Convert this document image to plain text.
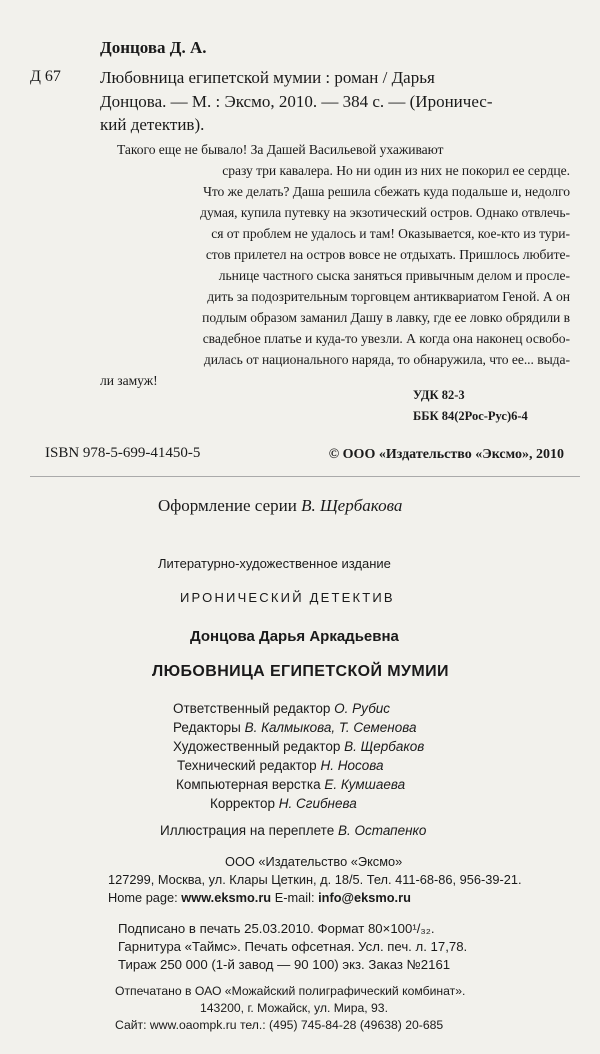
Донцова Д. А.
Д 67 Любовница египетской мумии : роман / Дарья
Донцова. — М. : Эксмо, 2010. — 384 с. — (Ироничес-
кий детектив).
Такого еще не бывало! За Дашей Васильевой ухаживают
сразу три кавалера. Но ни один из них не покорил ее сердце.
Что же делать? Даша решила сбежать куда подальше и, недолго
думая, купила путевку на экзотический остров. Однако отвлечь-
ся от проблем не удалось и там! Оказывается, кое-кто из тури-
стов прилетел на остров вовсе не отдыхать. Пришлось любите-
льнице частного сыска заняться привычным делом и просле-
дить за подозрительным торговцем антиквариатом Геной. А он
подлым образом заманил Дашу в лавку, где ее ловко обрядили в
свадебное платье и куда-то увезли. А когда она наконец освобо-
дилась от национального наряда, то обнаружила, что ее... выда-
ли замуж!
УДК 82-3
ББК 84(2Рос-Рус)6-4
ISBN 978-5-699-41450-5	© ООО «Издательство «Эксмо», 2010
Оформление серии В. Щербакова
Литературно-художественное издание
ИРОНИЧЕСКИЙ ДЕТЕКТИВ
Донцова Дарья Аркадьевна
ЛЮБОВНИЦА ЕГИПЕТСКОЙ МУМИИ
Ответственный редактор О. Рубис
Редакторы В. Калмыкова, Т. Семенова
Художественный редактор В. Щербаков
Технический редактор Н. Носова
Компьютерная верстка Е. Кумшаева
Корректор Н. Сгибнева
Иллюстрация на переплете В. Остапенко
ООО «Издательство «Эксмо»
127299, Москва, ул. Клары Цеткин, д. 18/5. Тел. 411-68-86, 956-39-21.
Home page: www.eksmo.ru E-mail: info@eksmo.ru
Подписано в печать 25.03.2010. Формат 80×100¹/₃₂.
Гарнитура «Таймс». Печать офсетная. Усл. печ. л. 17,78.
Тираж 250 000 (1-й завод — 90 100) экз. Заказ №2161
Отпечатано в ОАО «Можайский полиграфический комбинат».
143200, г. Можайск, ул. Мира, 93.
Сайт: www.oaompk.ru тел.: (495) 745-84-28 (49638) 20-685
